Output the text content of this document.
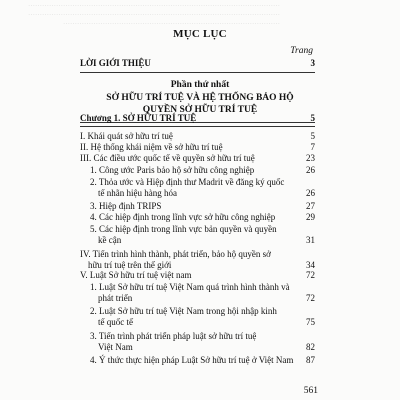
………………………………………………………………………………………………
………………………………………………………………………………………………
…………………………………………………………………………………
MỤC LỤC
Trang
LỜI GIỚI THIỆU	3
Phần thứ nhất
SỞ HỮU TRÍ TUỆ VÀ HỆ THỐNG BẢO HỘ
QUYỀN SỞ HỮU TRÍ TUỆ
Chương 1. SỞ HỮU TRÍ TUỆ	5
I. Khái quát sở hữu trí tuệ	5
II. Hệ thống khái niệm về sở hữu trí tuệ	7
III. Các điều ước quốc tế về quyền sở hữu trí tuệ	23
1. Công ước Paris bảo hộ sở hữu công nghiệp	26
2. Thỏa ước và Hiệp định thư Madrit về đăng ký quốc
tế nhãn hiệu hàng hóa	26
3. Hiệp định TRIPS	27
4. Các hiệp định trong lĩnh vực sở hữu công nghiệp	29
5. Các hiệp định trong lĩnh vực bản quyền và quyền
kề cận	31
IV. Tiến trình hình thành, phát triển, bảo hộ quyền sở
hữu trí tuệ trên thế giới	34
V. Luật Sở hữu trí tuệ việt nam	72
1. Luật Sở hữu trí tuệ Việt Nam quá trình hình thành và
phát triển	72
2. Luật Sở hữu trí tuệ Việt Nam trong hội nhập kinh
tế quốc tế	75
3. Tiến trình phát triển pháp luật sở hữu trí tuệ
Việt Nam	82
4. Ý thức thực hiện pháp Luật Sở hữu trí tuệ ở Việt Nam	87
561
